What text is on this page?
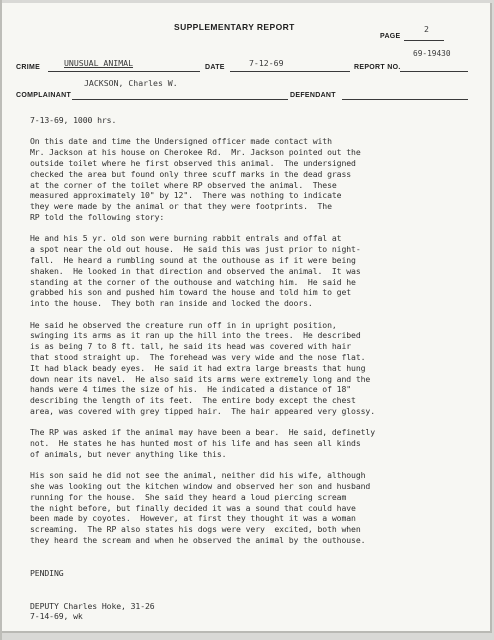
SUPPLEMENTARY REPORT
PAGE
2
CRIME	UNUSUAL ANIMAL	DATE	7-12-69	REPORT NO.
69-19430
JACKSON, Charles W.
COMPLAINANT	DEFENDANT

7-13-69, 1000 hrs.

On this date and time the Undersigned officer made contact with

Mr. Jackson at his house on Cherokee Rd.  Mr. Jackson pointed out the

outside toilet where he first observed this animal.  The undersigned

checked the area but found only three scuff marks in the dead grass

at the corner of the toilet where RP observed the animal.  These

measured approximately 10" by 12".  There was nothing to indicate

they were made by the animal or that they were footprints.  The

RP told the following story:

He and his 5 yr. old son were burning rabbit entrals and offal at

a spot near the old out house.  He said this was just prior to night-

fall.  He heard a rumbling sound at the outhouse as if it were being

shaken.  He looked in that direction and observed the animal.  It was

standing at the corner of the outhouse and watching him.  He said he

grabbed his son and pushed him toward the house and told him to get

into the house.  They both ran inside and locked the doors.

He said he observed the creature run off in in upright position,

swinging its arms as it ran up the hill into the trees.  He described

is as being 7 to 8 ft. tall, he said its head was covered with hair

that stood straight up.  The forehead was very wide and the nose flat.

It had black beady eyes.  He said it had extra large breasts that hung

down near its navel.  He also said its arms were extremely long and the

hands were 4 times the size of his.  He indicated a distance of 18"

describing the length of its feet.  The entire body except the chest

area, was covered with grey tipped hair.  The hair appeared very glossy.

The RP was asked if the animal may have been a bear.  He said, definetly

not.  He states he has hunted most of his life and has seen all kinds

of animals, but never anything like this.

His son said he did not see the animal, neither did his wife, although

she was looking out the kitchen window and observed her son and husband

running for the house.  She said they heard a loud piercing scream

the night before, but finally decided it was a sound that could have

been made by coyotes.  However, at first they thought it was a woman

screaming.  The RP also states his dogs were very  excited, both when

they heard the scream and when he observed the animal by the outhouse.

PENDING

DEPUTY Charles Hoke, 31-26

7-14-69, wk
